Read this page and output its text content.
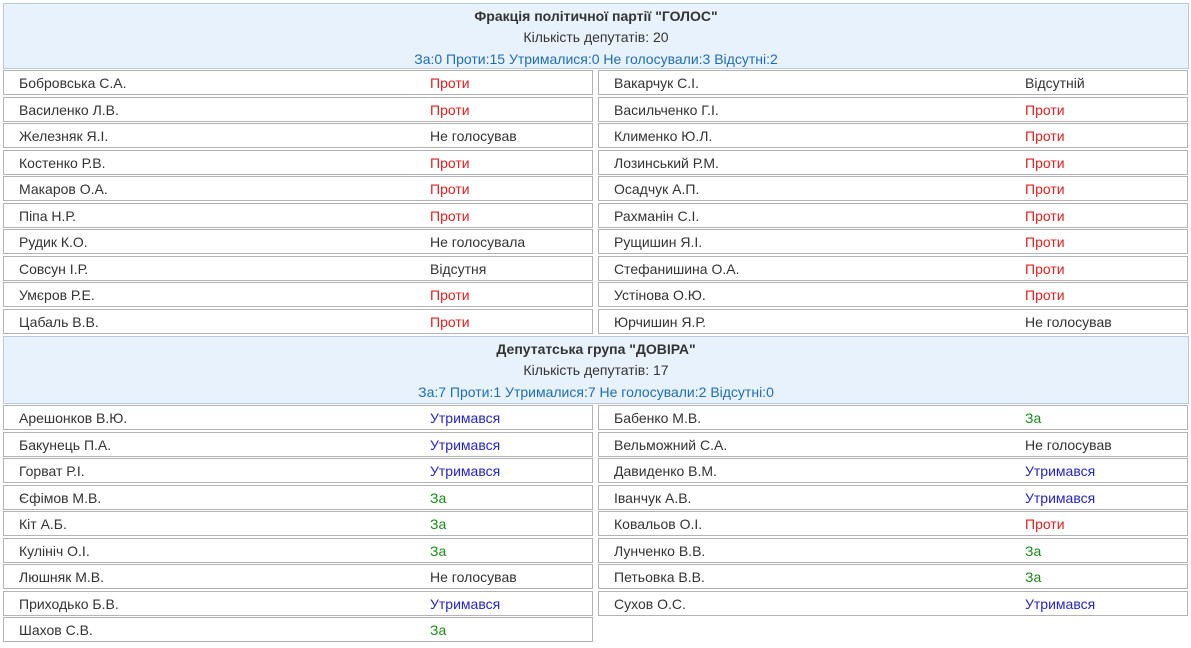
Фракція політичної партії "ГОЛОС"
Кількість депутатів: 20
За:0 Проти:15 Утрималися:0 Не голосували:3 Відсутні:2
Бобровська С.А.	Проти
Василенко Л.В.	Проти
Железняк Я.І.	Не голосував
Костенко Р.В.	Проти
Макаров О.А.	Проти
Піпа Н.Р.	Проти
Рудик К.О.	Не голосувала
Совсун І.Р.	Відсутня
Умєров Р.Е.	Проти
Цабаль В.В.	Проти
Вакарчук С.І.	Відсутній
Васильченко Г.І.	Проти
Клименко Ю.Л.	Проти
Лозинський Р.М.	Проти
Осадчук А.П.	Проти
Рахманін С.І.	Проти
Рущишин Я.І.	Проти
Стефанишина О.А.	Проти
Устінова О.Ю.	Проти
Юрчишин Я.Р.	Не голосував
Депутатська група "ДОВІРА"
Кількість депутатів: 17
За:7 Проти:1 Утрималися:7 Не голосували:2 Відсутні:0
Арешонков В.Ю.	Утримався
Бакунець П.А.	Утримався
Горват Р.І.	Утримався
Єфімов М.В.	За
Кіт А.Б.	За
Кулініч О.І.	За
Люшняк М.В.	Не голосував
Приходько Б.В.	Утримався
Шахов С.В.	За
Бабенко М.В.	За
Вельможний С.А.	Не голосував
Давиденко В.М.	Утримався
Іванчук А.В.	Утримався
Ковальов О.І.	Проти
Лунченко В.В.	За
Петьовка В.В.	За
Сухов О.С.	Утримався
